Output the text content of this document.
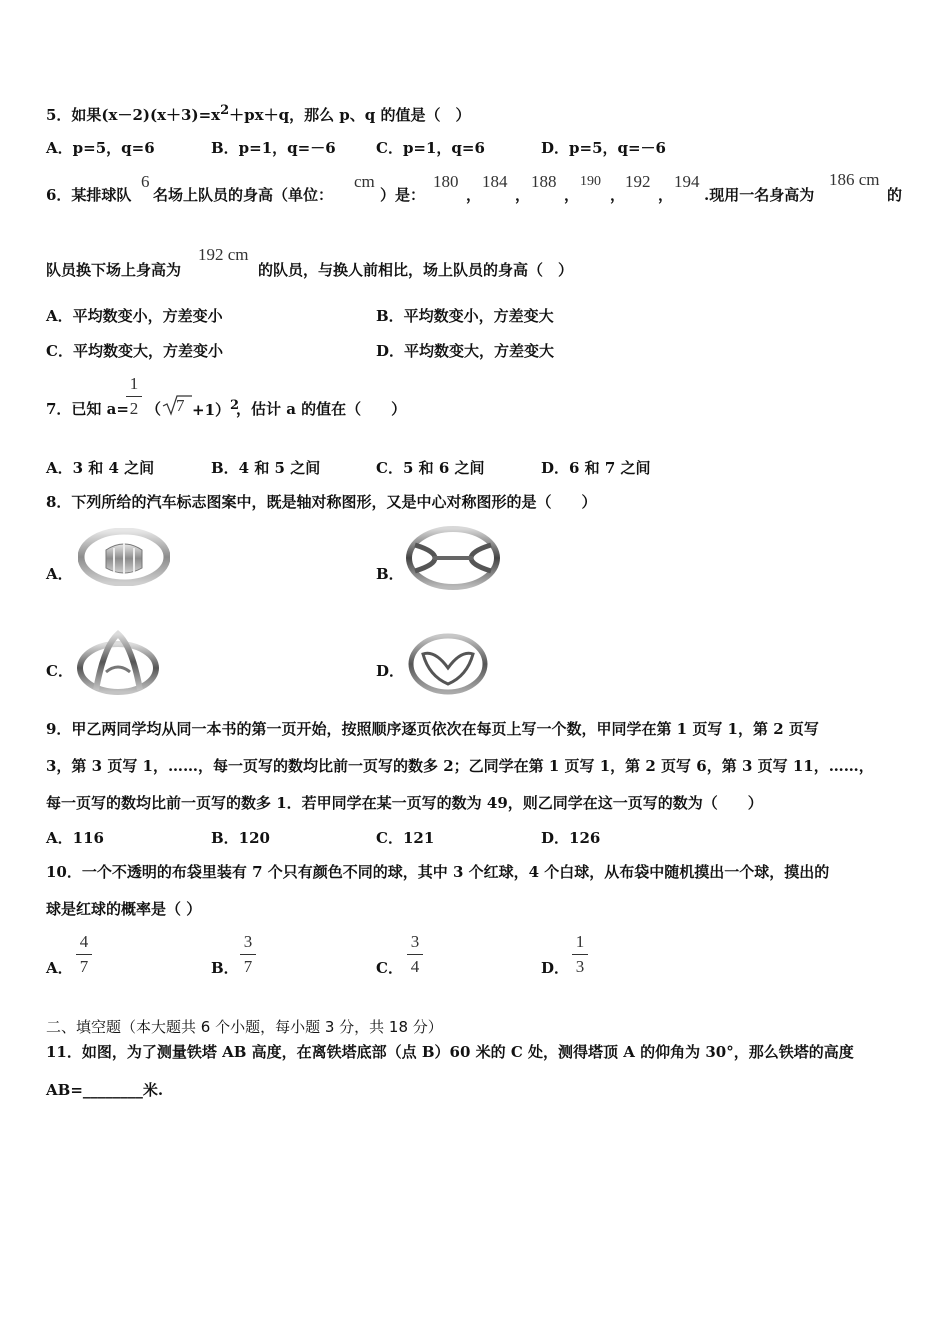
5．如果$(x-2)(x+3)=x^2+px+q$，那么 p、q 的值是（　）
A．p=5，q=6	B．p=1，q=－6	C．p=1，q=6	D．p=5，q=－6
6．某排球队
6
名场上队员的身高（单位：
cm
）是：
180
，
184
，
188
，
190
，
192
，
194
.现用一名身高为
186 cm
的
队员换下场上身高为
192 cm
的队员，与换人前相比，场上队员的身高（　）
A．平均数变小，方差变小	B．平均数变小，方差变大
C．平均数变大，方差变小	D．平均数变大，方差变大
7．已知 a=
1
2 （ 7 +1）$^2$
，估计 a 的值在（　　）
A．3 和 4 之间	B．4 和 5 之间	C．5 和 6 之间	D．6 和 7 之间
8．下列所给的汽车标志图案中，既是轴对称图形，又是中心对称图形的是（　　）
A．	B．
C．	D．
9．甲乙两同学均从同一本书的第一页开始，按照顺序逐页依次在每页上写一个数，甲同学在第 1 页写 1，第 2 页写
3，第 3 页写 1，……，每一页写的数均比前一页写的数多 2；乙同学在第 1 页写 1，第 2 页写 6，第 3 页写 11，……，
每一页写的数均比前一页写的数多 1．若甲同学在某一页写的数为 49，则乙同学在这一页写的数为（　　）
A．116	B．120	C．121	D．126
10．一个不透明的布袋里装有 7 个只有颜色不同的球，其中 3 个红球，4 个白球，从布袋中随机摸出一个球，摸出的
球是红球的概率是（ ）
A．
4
7	B．
3
7	C．
3
4	D．
1
3
二、填空题（本大题共 6 个小题，每小题 3 分，共 18 分）
11．如图，为了测量铁塔 AB 高度，在离铁塔底部（点 B）60 米的 C 处，测得塔顶 A 的仰角为 30°，那么铁塔的高度
AB=________米.
